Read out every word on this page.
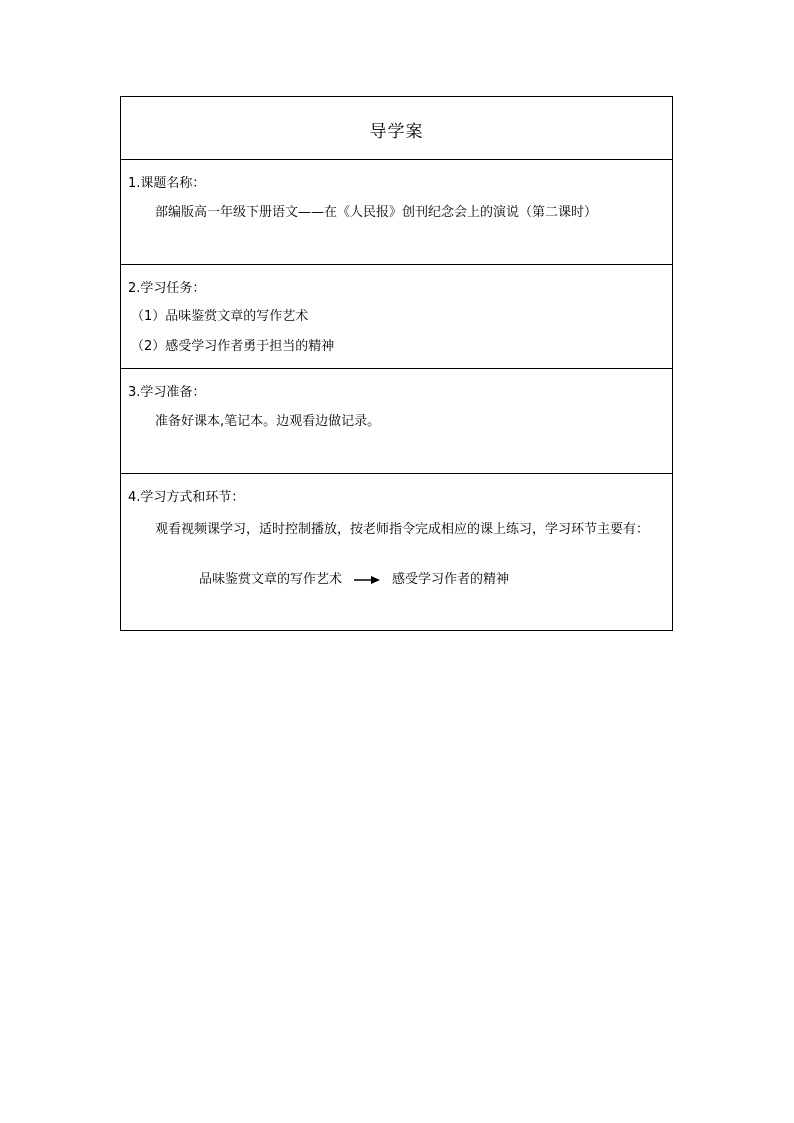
导学案
1.课题名称：
部编版高一年级下册语文——在《人民报》创刊纪念会上的演说（第二课时）
2.学习任务：
（1）品味鉴赏文章的写作艺术
（2）感受学习作者勇于担当的精神
3.学习准备：
准备好课本,笔记本。边观看边做记录。
4.学习方式和环节：
观看视频课学习，适时控制播放，按老师指令完成相应的课上练习，学习环节主要有：
品味鉴赏文章的写作艺术	感受学习作者的精神
